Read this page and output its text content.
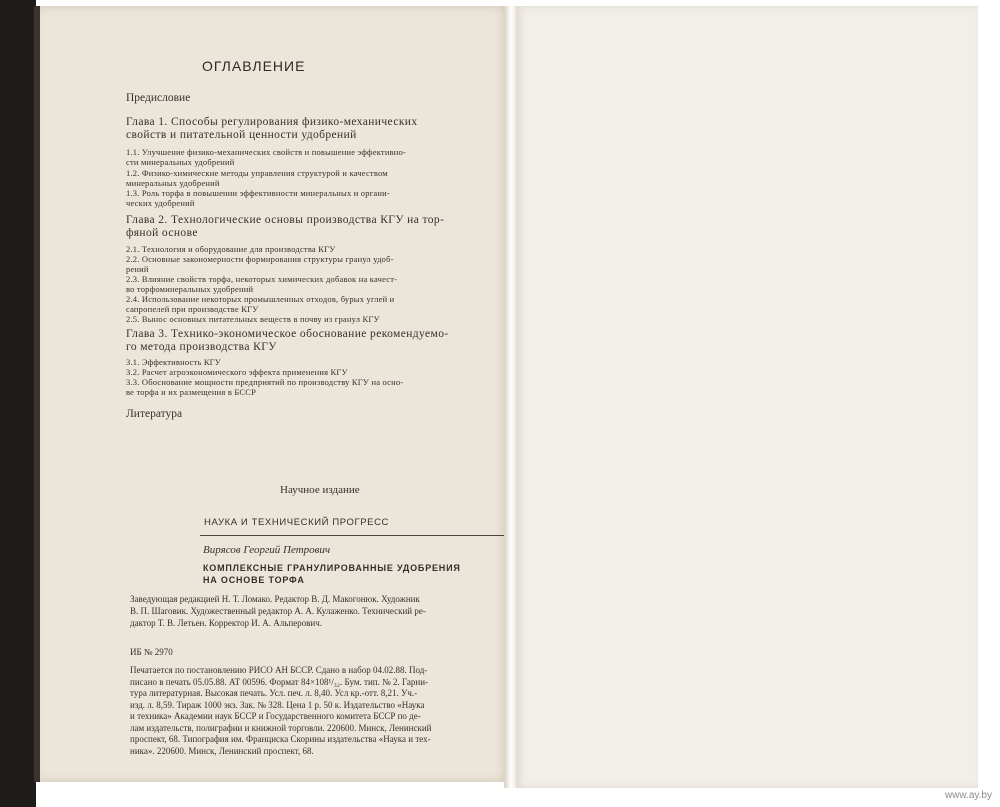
ОГЛАВЛЕНИЕ
Предисловие
Глава 1. Способы регулирования физико-механических
свойств и питательной ценности удобрений
1.1. Улучшение физико-механических свойств и повышение эффективно-
сти минеральных удобрений
1.2. Физико-химические методы управления структурой и качеством
минеральных удобрений
1.3. Роль торфа в повышении эффективности минеральных и органи-
ческих удобрений
Глава 2. Технологические основы производства КГУ на тор-
фяной основе
2.1. Технология и оборудование для производства КГУ
2.2. Основные закономерности формирования структуры гранул удоб-
рений
2.3. Влияние свойств торфа, некоторых химических добавок на качест-
во торфоминеральных удобрений
2.4. Использование некоторых промышленных отходов, бурых углей и
сапропелей при производстве КГУ
2.5. Вынос основных питательных веществ в почву из гранул КГУ
Глава 3. Технико-экономическое обоснование рекомендуемо-
го метода производства КГУ
3.1. Эффективность КГУ
3.2. Расчет агроэкономического эффекта применения КГУ
3.3. Обоснование мощности предприятий по производству КГУ на осно-
ве торфа и их размещения в БССР
Литература
Научное издание
НАУКА И ТЕХНИЧЕСКИЙ ПРОГРЕСС
Вирясов Георгий Петрович
КОМПЛЕКСНЫЕ ГРАНУЛИРОВАННЫЕ УДОБРЕНИЯ
НА ОСНОВЕ ТОРФА
Заведующая редакцией Н. Т. Ломако. Редактор В. Д. Макогонюк. Художник
В. П. Шаговик. Художественный редактор А. А. Кулаженко. Технический ре-
дактор Т. В. Летьен. Корректор И. А. Альперович.
ИБ № 2970
Печатается по постановлению РИСО АН БССР. Сдано в набор 04.02.88. Под-
писано в печать 05.05.88. АТ 00596. Формат 84×108¹/₃₂. Бум. тип. № 2. Гарни-
тура литературная. Высокая печать. Усл. печ. л. 8,40. Усл кр.-отт. 8,21. Уч.-
изд. л. 8,59. Тираж 1000 экз. Зак. № 328. Цена 1 р. 50 к. Издательство «Наука
и техника» Академии наук БССР и Государственного комитета БССР по де-
лам издательств, полиграфии и книжной торговли. 220600. Минск, Ленинский
проспект, 68. Типография им. Франциска Скорины издательства «Наука и тех-
ника». 220600. Минск, Ленинский проспект, 68.
www.ay.by
